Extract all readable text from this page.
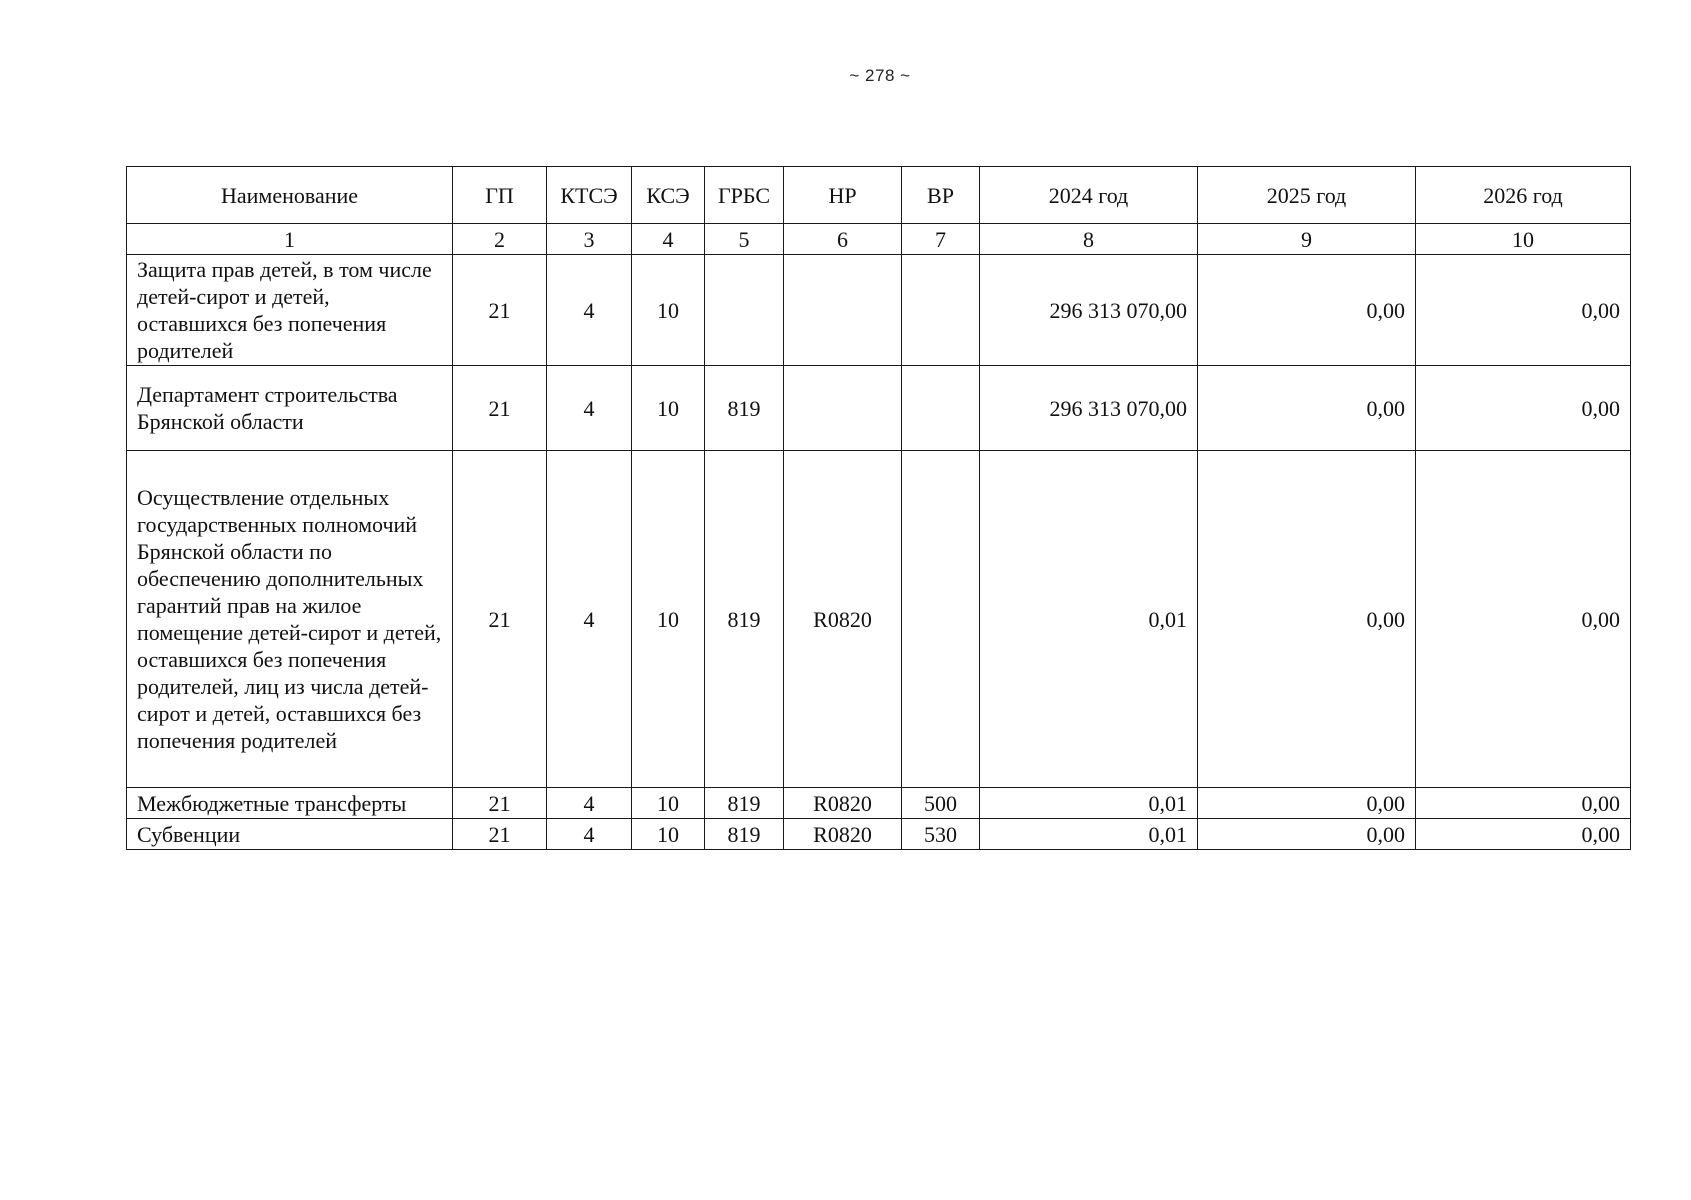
~ 278 ~
Наименование	ГП	КТСЭ	КСЭ	ГРБС	НР	ВР	2024 год	2025 год	2026 год
1	2	3	4	5	6	7	8	9	10
Защита прав детей, в том числе детей-сирот и детей, оставшихся без попечения родителей	21	4	10				296 313 070,00	0,00	0,00
Департамент строительства Брянской области	21	4	10	819			296 313 070,00	0,00	0,00
Осуществление отдельных государственных полномочий Брянской области по обеспечению дополнительных гарантий прав на жилое помещение детей-сирот и детей, оставшихся без попечения родителей, лиц из числа детей-сирот и детей, оставшихся без попечения родителей	21	4	10	819	R0820		0,01	0,00	0,00
Межбюджетные трансферты	21	4	10	819	R0820	500	0,01	0,00	0,00
Субвенции	21	4	10	819	R0820	530	0,01	0,00	0,00
